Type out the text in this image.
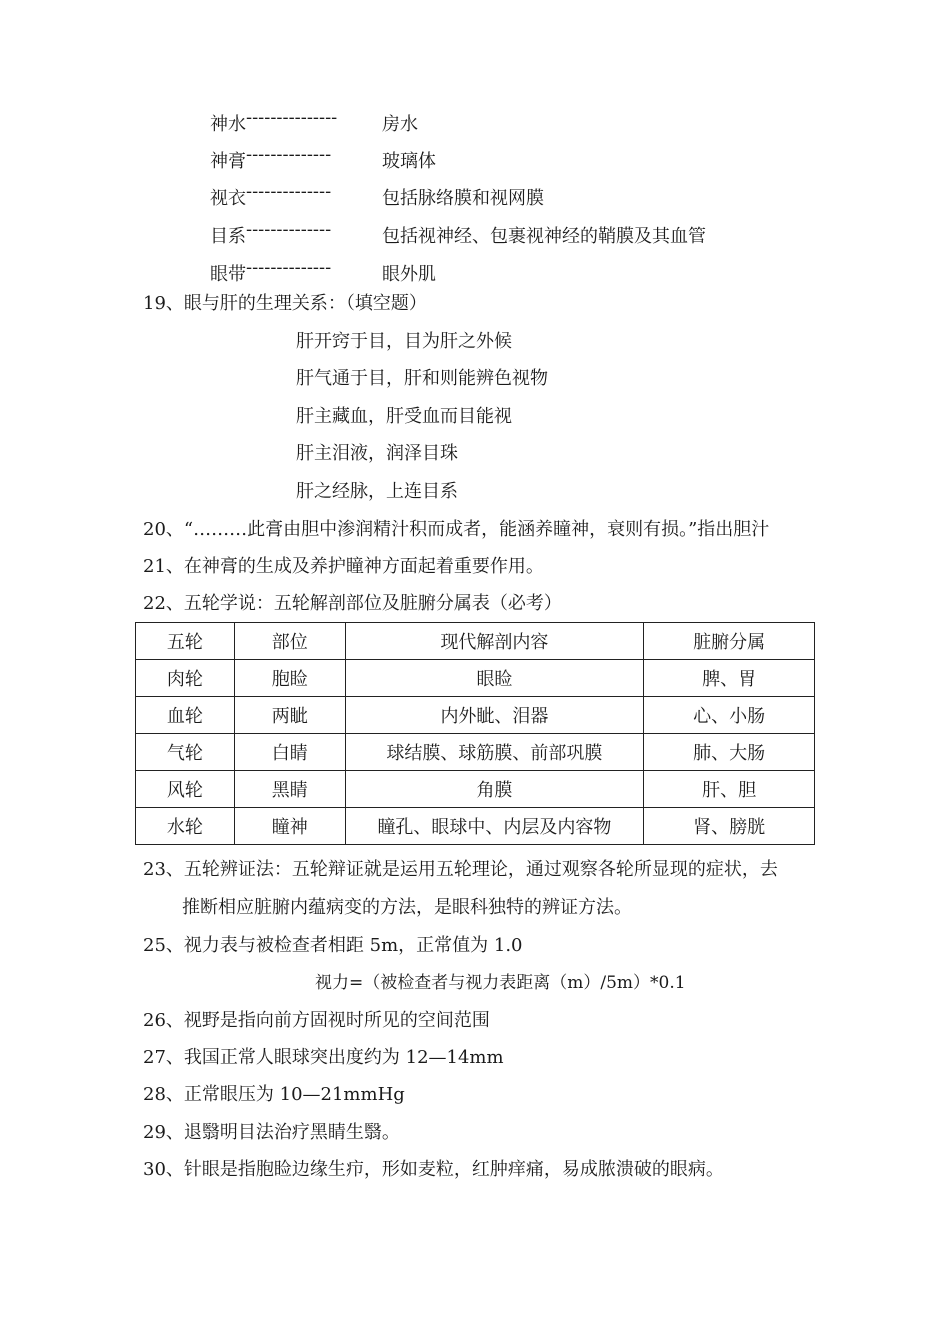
神水--------------- 房水
神膏--------------	玻璃体
视衣--------------	包括脉络膜和视网膜
目系--------------	包括视神经、包裹视神经的鞘膜及其血管
眼带--------------	眼外肌
19、眼与肝的生理关系：（填空题）
肝开窍于目，目为肝之外候
肝气通于目，肝和则能辨色视物
肝主藏血，肝受血而目能视
肝主泪液，润泽目珠
肝之经脉，上连目系
20、“………此膏由胆中渗润精汁积而成者，能涵养瞳神，衰则有损。”指出胆汁
21、在神膏的生成及养护瞳神方面起着重要作用。
22、五轮学说：五轮解剖部位及脏腑分属表（必考）
五轮	部位	现代解剖内容	脏腑分属
肉轮	胞睑	眼睑	脾、胃
血轮	两眦	内外眦、泪器	心、小肠
气轮	白睛	球结膜、球筋膜、前部巩膜	肺、大肠
风轮	黑睛	角膜	肝、胆
水轮	瞳神	瞳孔、眼球中、内层及内容物	肾、膀胱
23、五轮辨证法：五轮辩证就是运用五轮理论，通过观察各轮所显现的症状，去
推断相应脏腑内蕴病变的方法，是眼科独特的辨证方法。
25、视力表与被检查者相距 5m，正常值为 1.0
视力=（被检查者与视力表距离（m）/5m）*0.1
26、视野是指向前方固视时所见的空间范围
27、我国正常人眼球突出度约为 12—14mm
28、正常眼压为 10—21mmHg
29、退翳明目法治疗黑睛生翳。
30、针眼是指胞睑边缘生疖，形如麦粒，红肿痒痛，易成脓溃破的眼病。
